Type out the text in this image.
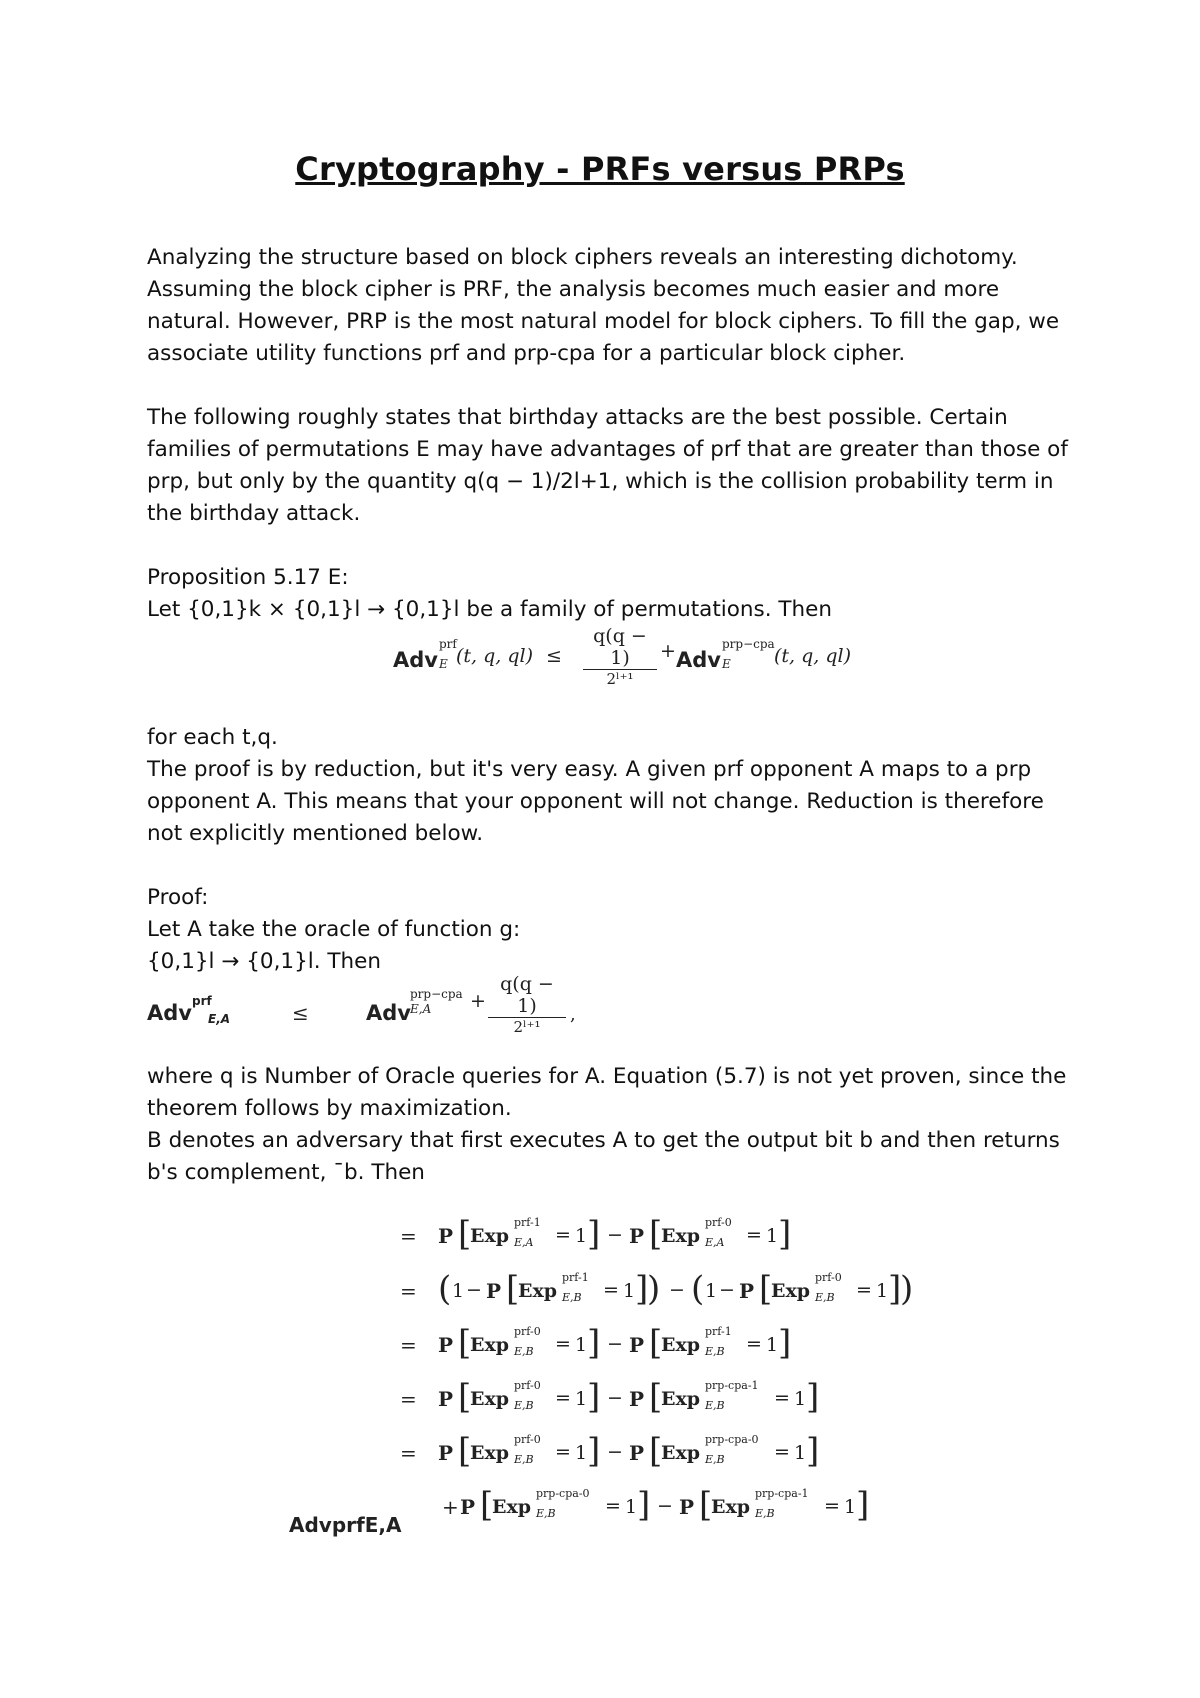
Cryptography - PRFs versus PRPs
Analyzing the structure based on block ciphers reveals an interesting dichotomy.
Assuming the block cipher is PRF, the analysis becomes much easier and more
natural. However, PRP is the most natural model for block ciphers. To fill the gap, we
associate utility functions prf and prp-cpa for a particular block cipher.
The following roughly states that birthday attacks are the best possible. Certain
families of permutations E may have advantages of prf that are greater than those of
prp, but only by the quantity q(q − 1)/2l+1, which is the collision probability term in
the birthday attack.
Proposition 5.17 E:
Let {0,1}k × {0,1}l → {0,1}l be a family of permutations. Then
Adv
prf
E (t, q, ql) ≤
q(q − 1)
2ˡ⁺¹
+ Adv
prp−cpa
E (t, q, ql)
for each t,q.
The proof is by reduction, but it's very easy. A given prf opponent A maps to a prp
opponent A. This means that your opponent will not change. Reduction is therefore
not explicitly mentioned below.
Proof:
Let A take the oracle of function g:
{0,1}l → {0,1}l. Then
Adv prf
E,A	≤	Adv
prp−cpa
E,A +
q(q − 1)
2ˡ⁺¹
,
where q is Number of Oracle queries for A. Equation (5.7) is not yet proven, since the
theorem follows by maximization.
B denotes an adversary that first executes A to get the output bit b and then returns
b's complement, ¯b. Then
AdvprfE,A
= P [
Exp
prf-1
E,A = 1 ] − P [
Exp
prf-0
E,A = 1 ]
= ( 1 − P [
Exp
prf-1
E,B = 1 ]
) − ( 1 − P [
Exp
prf-0
E,B = 1 ]
)
= P [
Exp
prf-0
E,B = 1 ] − P [
Exp
prf-1
E,B = 1 ]
= P [
Exp
prf-0
E,B = 1 ] − P [
Exp
prp-cpa-1
E,B	= 1 ]
= P [
Exp
prf-0
E,B = 1 ] − P [
Exp
prp-cpa-0
E,B	= 1 ]
+ P [
Exp
prp-cpa-0
E,B	= 1 ] − P [
Exp
prp-cpa-1
E,B	= 1 ]
